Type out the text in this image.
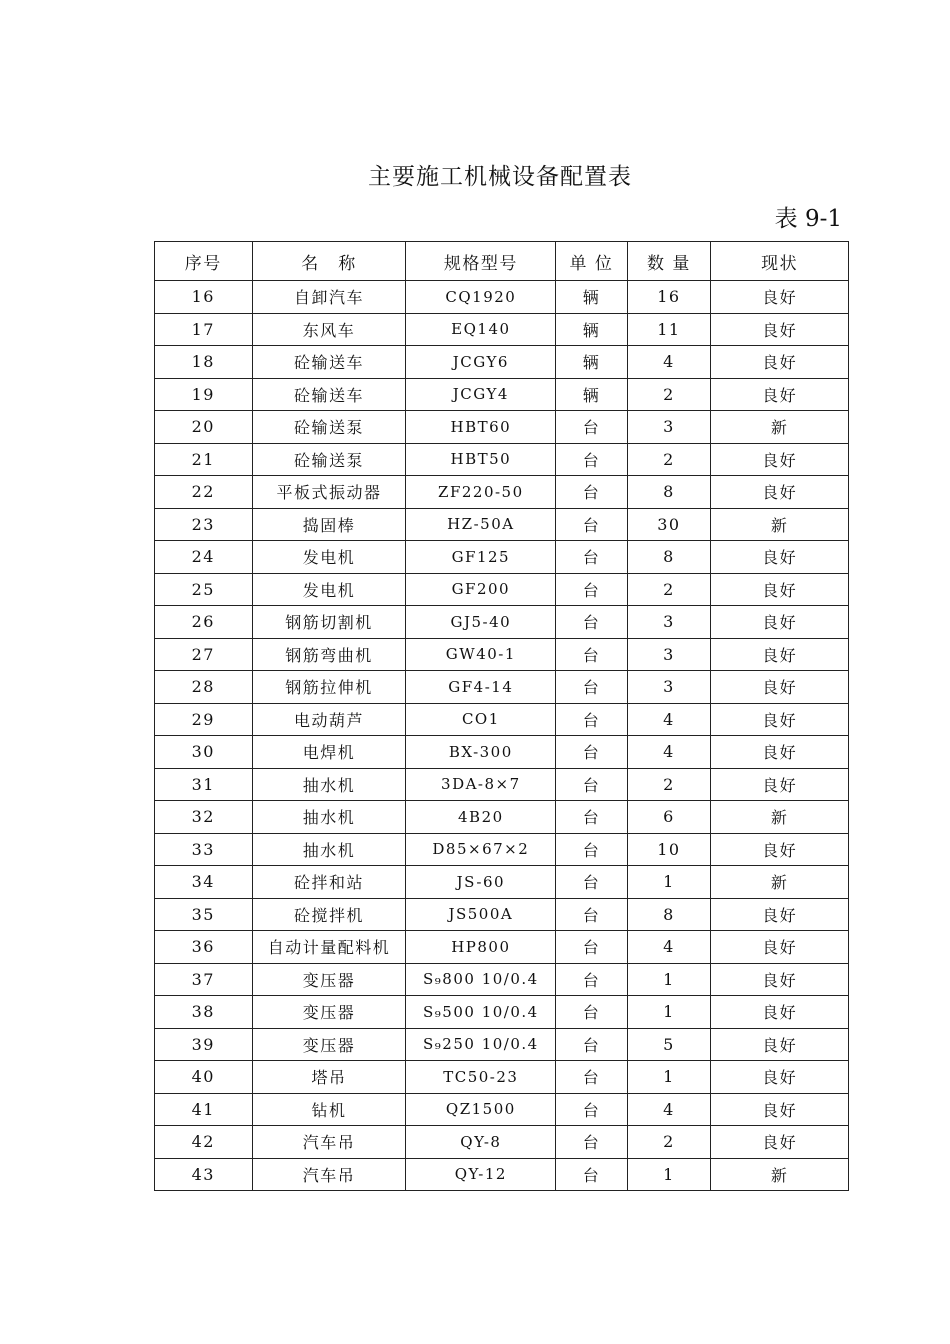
主要施工机械设备配置表
表 9-1
序号	名　称	规格型号	单 位	数 量	现状
16	自卸汽车	CQ1920	辆	16	良好
17	东风车	EQ140	辆	11	良好
18	砼输送车	JCGY6	辆	4	良好
19	砼输送车	JCGY4	辆	2	良好
20	砼输送泵	HBT60	台	3	新
21	砼输送泵	HBT50	台	2	良好
22	平板式振动器	ZF220-50	台	8	良好
23	捣固棒	HZ-50A	台	30	新
24	发电机	GF125	台	8	良好
25	发电机	GF200	台	2	良好
26	钢筋切割机	GJ5-40	台	3	良好
27	钢筋弯曲机	GW40-1	台	3	良好
28	钢筋拉伸机	GF4-14	台	3	良好
29	电动葫芦	CO1	台	4	良好
30	电焊机	BX-300	台	4	良好
31	抽水机	3DA-8×7	台	2	良好
32	抽水机	4B20	台	6	新
33	抽水机	D85×67×2	台	10	良好
34	砼拌和站	JS-60	台	1	新
35	砼搅拌机	JS500A	台	8	良好
36	自动计量配料机	HP800	台	4	良好
37	变压器	S₉800 10/0.4	台	1	良好
38	变压器	S₉500 10/0.4	台	1	良好
39	变压器	S₉250 10/0.4	台	5	良好
40	塔吊	TC50-23	台	1	良好
41	钻机	QZ1500	台	4	良好
42	汽车吊	QY-8	台	2	良好
43	汽车吊	QY-12	台	1	新
